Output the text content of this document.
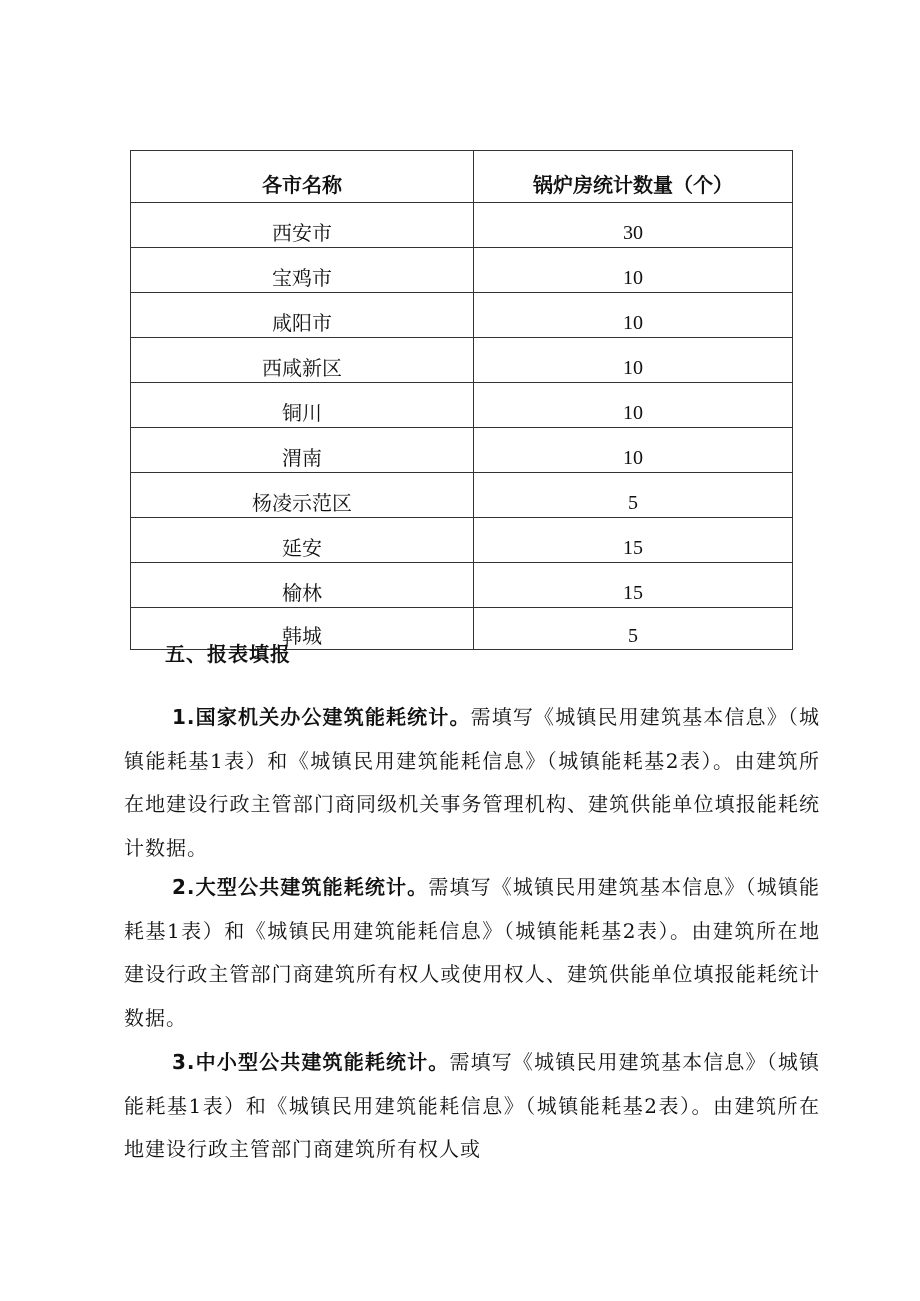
各市名称	锅炉房统计数量（个）
西安市	30
宝鸡市	10
咸阳市	10
西咸新区	10
铜川	10
渭南	10
杨凌示范区	5
延安	15
榆林	15
韩城	5
五、报表填报

1.国家机关办公建筑能耗统计。需填写《城镇民用建筑基本信息》（城镇能耗基1表）和《城镇民用建筑能耗信息》（城镇能耗基2表）。由建筑所在地建设行政主管部门商同级机关事务管理机构、建筑供能单位填报能耗统计数据。

2.大型公共建筑能耗统计。需填写《城镇民用建筑基本信息》（城镇能耗基1表）和《城镇民用建筑能耗信息》（城镇能耗基2表）。由建筑所在地建设行政主管部门商建筑所有权人或使用权人、建筑供能单位填报能耗统计数据。

3.中小型公共建筑能耗统计。需填写《城镇民用建筑基本信息》（城镇能耗基1表）和《城镇民用建筑能耗信息》（城镇能耗基2表）。由建筑所在地建设行政主管部门商建筑所有权人或
